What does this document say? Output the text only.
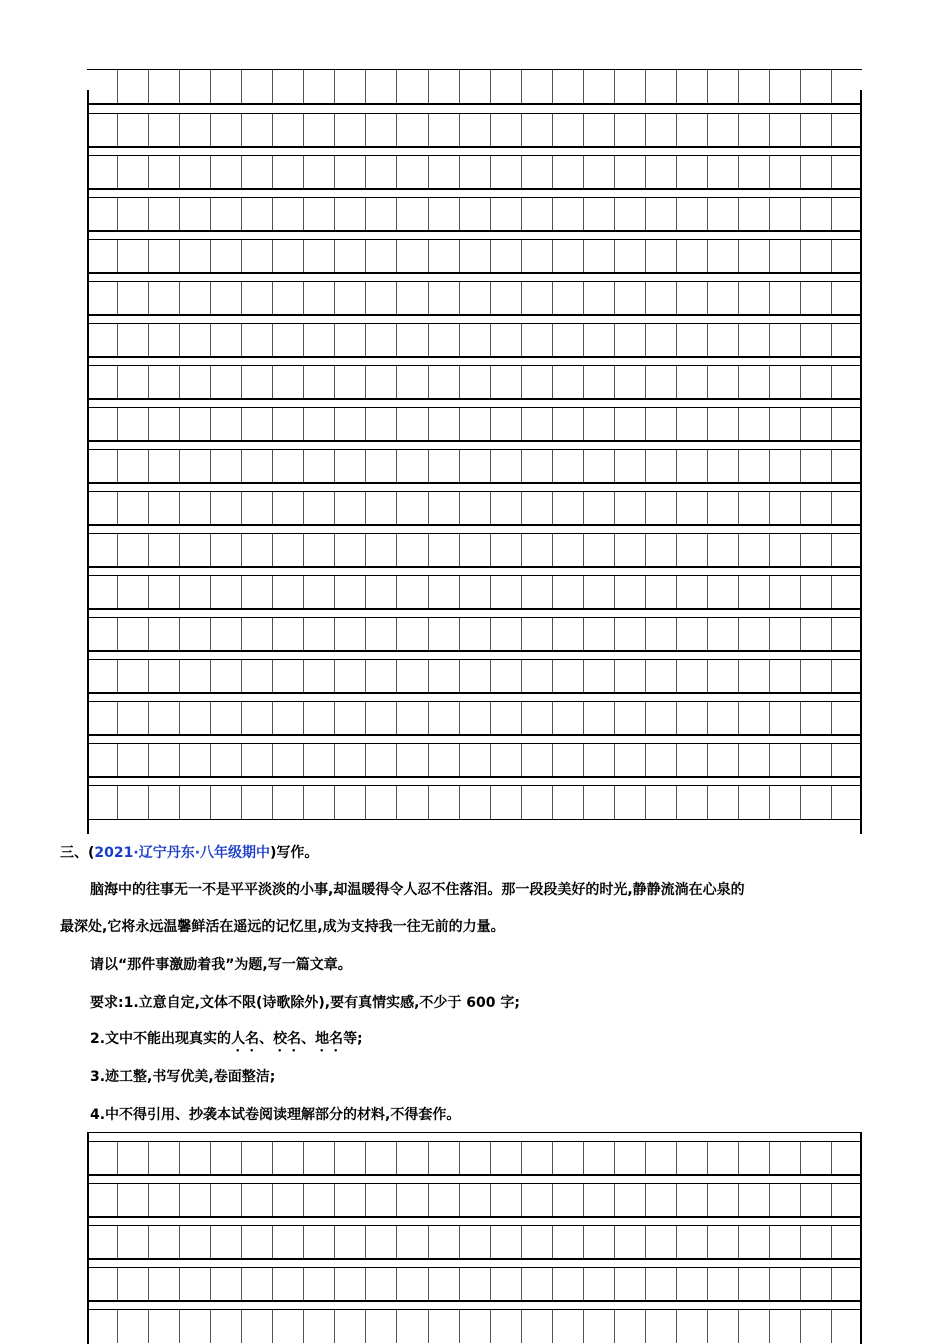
三、(2021·辽宁丹东·八年级期中)写作。
脑海中的往事无一不是平平淡淡的小事,却温暖得令人忍不住落泪。那一段段美好的时光,静静流淌在心泉的
最深处,它将永远温馨鲜活在遥远的记忆里,成为支持我一往无前的力量。
请以“那件事激励着我”为题,写一篇文章。
要求:1.立意自定,文体不限(诗歌除外),要有真情实感,不少于 600 字;
2.文中不能出现真实的人名、校名、地名等;
3.迹工整,书写优美,卷面整洁;
4.中不得引用、抄袭本试卷阅读理解部分的材料,不得套作。
